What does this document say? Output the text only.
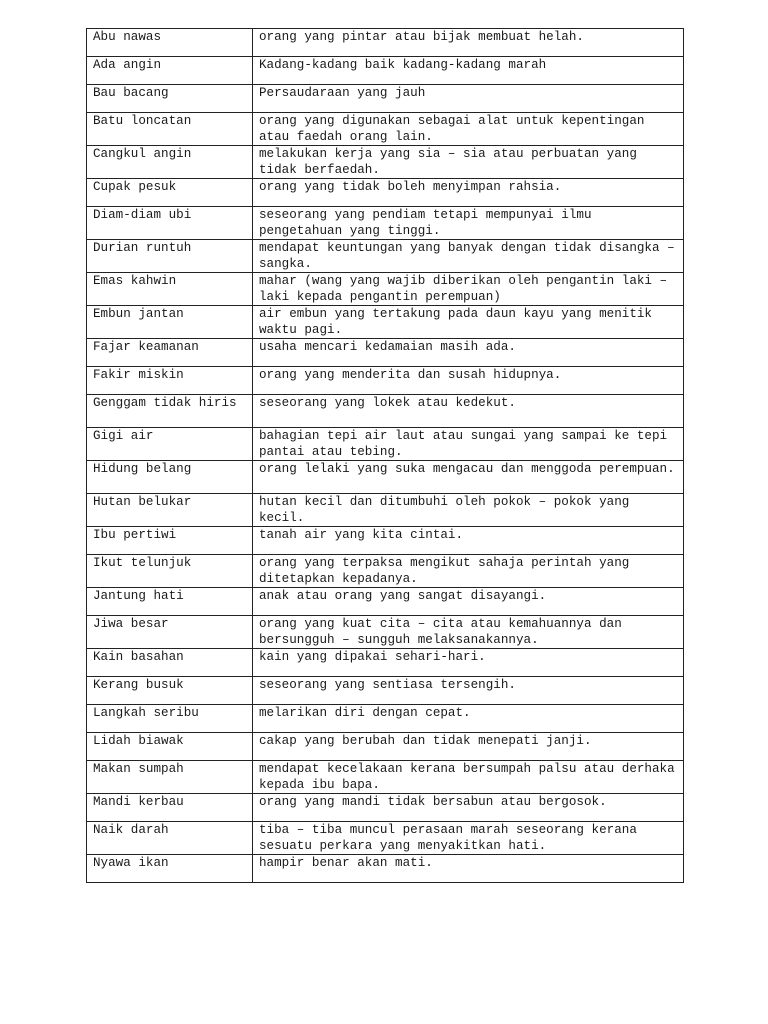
Abu nawas	orang yang pintar atau bijak membuat helah.
Ada angin	Kadang-kadang baik kadang-kadang marah
Bau bacang	Persaudaraan yang jauh
Batu loncatan	orang yang digunakan sebagai alat untuk kepentingan atau faedah orang lain.
Cangkul angin	melakukan kerja yang sia – sia atau perbuatan yang tidak berfaedah.
Cupak pesuk	orang yang tidak boleh menyimpan rahsia.
Diam-diam ubi	seseorang yang pendiam tetapi mempunyai ilmu pengetahuan yang tinggi.
Durian runtuh	mendapat keuntungan yang banyak dengan tidak disangka – sangka.
Emas kahwin	mahar (wang yang wajib diberikan oleh pengantin laki – laki kepada pengantin perempuan)
Embun jantan	air embun yang tertakung pada daun kayu yang menitik waktu pagi.
Fajar keamanan	usaha mencari kedamaian masih ada.
Fakir miskin	orang yang menderita dan susah hidupnya.
Genggam tidak hiris	seseorang yang lokek atau kedekut.
Gigi air	bahagian tepi air laut atau sungai yang sampai ke tepi pantai atau tebing.
Hidung belang	orang lelaki yang suka mengacau dan menggoda perempuan.
Hutan belukar	hutan kecil dan ditumbuhi oleh pokok – pokok yang kecil.
Ibu pertiwi	tanah air yang kita cintai.
Ikut telunjuk	orang yang terpaksa mengikut sahaja perintah yang ditetapkan kepadanya.
Jantung hati	anak atau orang yang sangat disayangi.
Jiwa besar	orang yang kuat cita – cita atau kemahuannya dan bersungguh – sungguh melaksanakannya.
Kain basahan	kain yang dipakai sehari-hari.
Kerang busuk	seseorang yang sentiasa tersengih.
Langkah seribu	melarikan diri dengan cepat.
Lidah biawak	cakap yang berubah dan tidak menepati janji.
Makan sumpah	mendapat kecelakaan kerana bersumpah palsu atau derhaka kepada ibu bapa.
Mandi kerbau	orang yang mandi tidak bersabun atau bergosok.
Naik darah	tiba – tiba muncul perasaan marah seseorang kerana sesuatu perkara yang menyakitkan hati.
Nyawa ikan	hampir benar akan mati.
